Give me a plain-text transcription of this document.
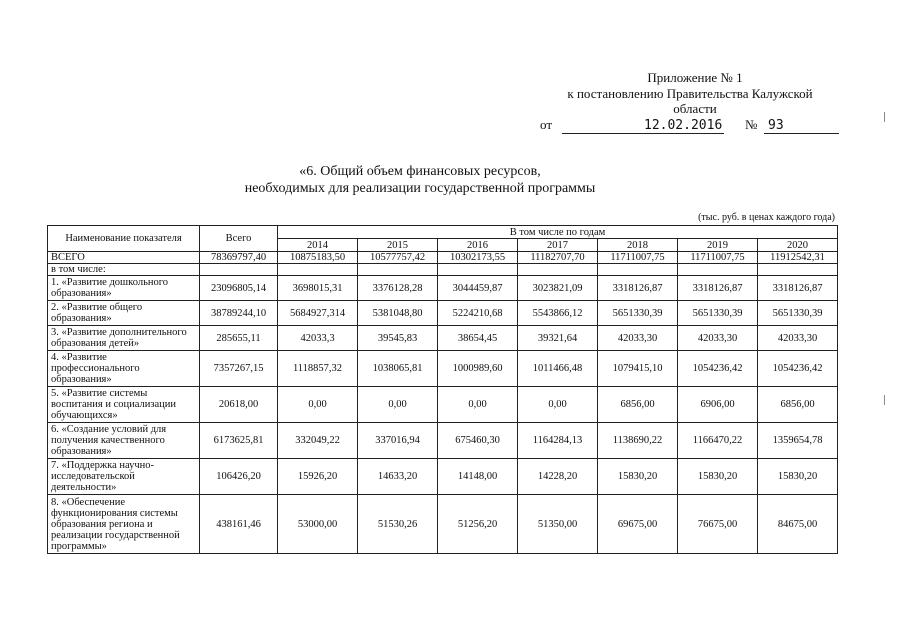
Приложение № 1
к постановлению Правительства Калужской
области
от	12.02.2016 № 93
«6. Общий объем финансовых ресурсов,
необходимых для реализации государственной программы
(тыс. руб. в ценах каждого года)
Наименование показателя	Всего	В том числе по годам						
		2014	2015	2016	2017	2018	2019	2020
ВСЕГО	78369797,40	10875183,50	10577757,42	10302173,55	11182707,70	11711007,75	11711007,75	11912542,31
в том числе:								
1. «Развитие дошкольного образования»	23096805,14	3698015,31	3376128,28	3044459,87	3023821,09	3318126,87	3318126,87	3318126,87
2. «Развитие общего образования»	38789244,10	5684927,314	5381048,80	5224210,68	5543866,12	5651330,39	5651330,39	5651330,39
3. «Развитие дополнительного образования детей»	285655,11	42033,3	39545,83	38654,45	39321,64	42033,30	42033,30	42033,30
4. «Развитие профессионального образования»	7357267,15	1118857,32	1038065,81	1000989,60	1011466,48	1079415,10	1054236,42	1054236,42
5. «Развитие системы воспитания и социализации обучающихся»	20618,00	0,00	0,00	0,00	0,00	6856,00	6906,00	6856,00
6. «Создание условий для получения качественного образования»	6173625,81	332049,22	337016,94	675460,30	1164284,13	1138690,22	1166470,22	1359654,78
7. «Поддержка научно-исследовательской деятельности»	106426,20	15926,20	14633,20	14148,00	14228,20	15830,20	15830,20	15830,20
8. «Обеспечение функционирования системы образования региона и реализации государственной программы»	438161,46	53000,00	51530,26	51256,20	51350,00	69675,00	76675,00	84675,00
